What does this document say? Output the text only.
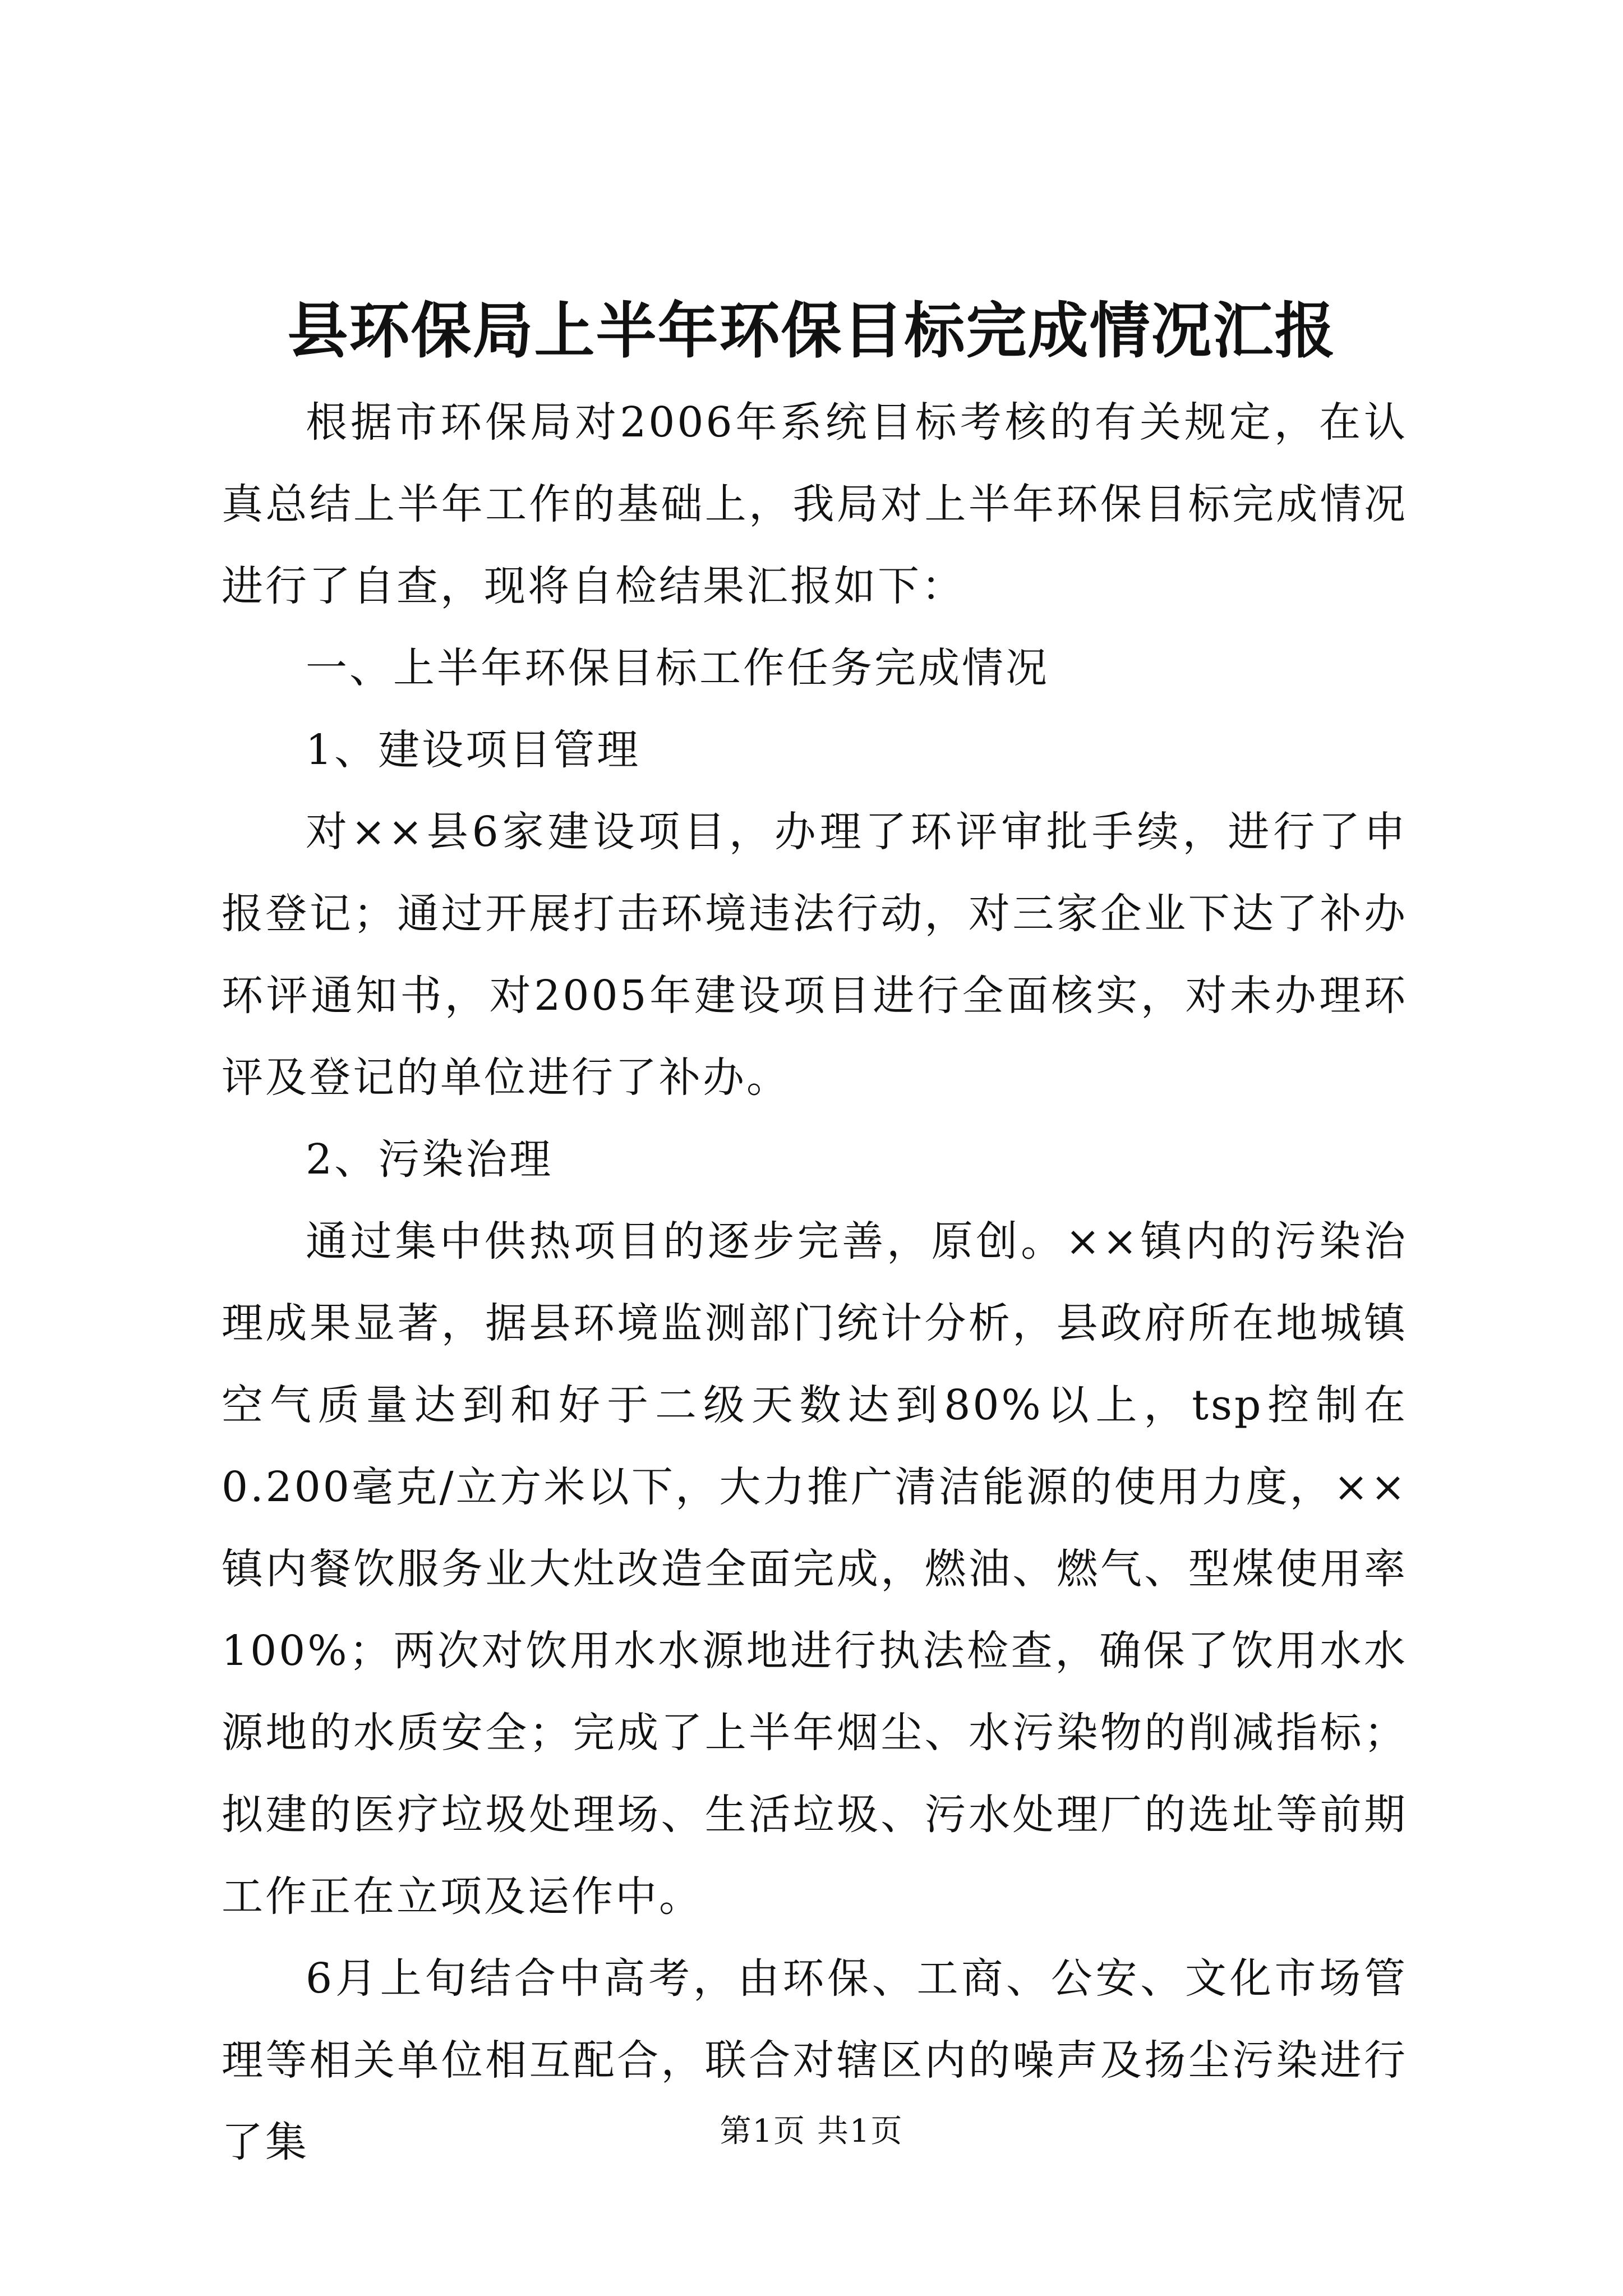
县环保局上半年环保目标完成情况汇报

根据市环保局对2006年系统目标考核的有关规定，在认真总结上半年工作的基础上，我局对上半年环保目标完成情况进行了自查，现将自检结果汇报如下：

一、上半年环保目标工作任务完成情况

1、建设项目管理

对××县6家建设项目，办理了环评审批手续，进行了申报登记；通过开展打击环境违法行动，对三家企业下达了补办环评通知书，对2005年建设项目进行全面核实，对未办理环评及登记的单位进行了补办。

2、污染治理

通过集中供热项目的逐步完善，原创。××镇内的污染治理成果显著，据县环境监测部门统计分析，县政府所在地城镇空气质量达到和好于二级天数达到80%以上，tsp控制在0.200毫克/立方米以下，大力推广清洁能源的使用力度，××镇内餐饮服务业大灶改造全面完成，燃油、燃气、型煤使用率100%；两次对饮用水水源地进行执法检查，确保了饮用水水源地的水质安全；完成了上半年烟尘、水污染物的削减指标；拟建的医疗垃圾处理场、生活垃圾、污水处理厂的选址等前期工作正在立项及运作中。

6月上旬结合中高考，由环保、工商、公安、文化市场管理等相关单位相互配合，联合对辖区内的噪声及扬尘污染进行了集	第1页 共1页
